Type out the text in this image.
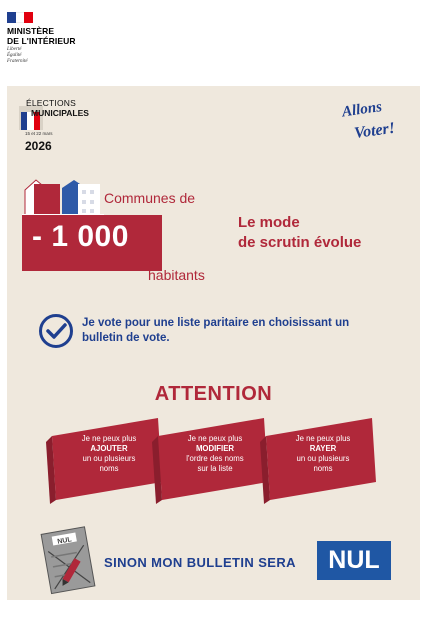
MINISTÈRE
DE L'INTÉRIEUR
Liberté
Égalité
Fraternité
ÉLECTIONS
MUNICIPALES
15 et 22 mars
2026
Allons
Voter!
Communes de
- 1 000
habitants
Le mode
de scrutin évolue
Je vote pour une liste paritaire en choisissant un bulletin de vote.
ATTENTION
Je ne peux plus
AJOUTER
un ou plusieurs
noms
Je ne peux plus
MODIFIER
l'ordre des noms
sur la liste
Je ne peux plus
RAYER
un ou plusieurs
noms
NUL
SINON MON BULLETIN SERA	NUL
